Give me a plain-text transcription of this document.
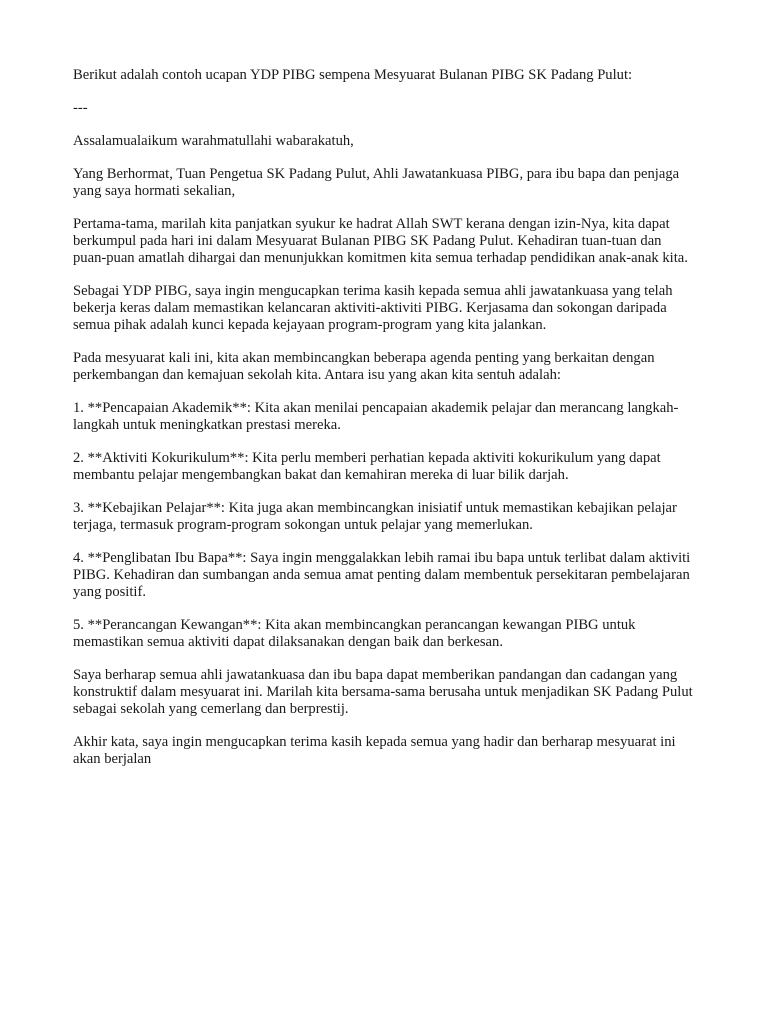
Berikut adalah contoh ucapan YDP PIBG sempena Mesyuarat Bulanan PIBG SK Padang Pulut:

---

Assalamualaikum warahmatullahi wabarakatuh,

Yang Berhormat, Tuan Pengetua SK Padang Pulut, Ahli Jawatankuasa PIBG, para ibu bapa dan penjaga yang saya hormati sekalian,

Pertama-tama, marilah kita panjatkan syukur ke hadrat Allah SWT kerana dengan izin-Nya, kita dapat berkumpul pada hari ini dalam Mesyuarat Bulanan PIBG SK Padang Pulut. Kehadiran tuan-tuan dan puan-puan amatlah dihargai dan menunjukkan komitmen kita semua terhadap pendidikan anak-anak kita.

Sebagai YDP PIBG, saya ingin mengucapkan terima kasih kepada semua ahli jawatankuasa yang telah bekerja keras dalam memastikan kelancaran aktiviti-aktiviti PIBG. Kerjasama dan sokongan daripada semua pihak adalah kunci kepada kejayaan program-program yang kita jalankan.

Pada mesyuarat kali ini, kita akan membincangkan beberapa agenda penting yang berkaitan dengan perkembangan dan kemajuan sekolah kita. Antara isu yang akan kita sentuh adalah:

1. **Pencapaian Akademik**: Kita akan menilai pencapaian akademik pelajar dan merancang langkah-langkah untuk meningkatkan prestasi mereka.

2. **Aktiviti Kokurikulum**: Kita perlu memberi perhatian kepada aktiviti kokurikulum yang dapat membantu pelajar mengembangkan bakat dan kemahiran mereka di luar bilik darjah.

3. **Kebajikan Pelajar**: Kita juga akan membincangkan inisiatif untuk memastikan kebajikan pelajar terjaga, termasuk program-program sokongan untuk pelajar yang memerlukan.

4. **Penglibatan Ibu Bapa**: Saya ingin menggalakkan lebih ramai ibu bapa untuk terlibat dalam aktiviti PIBG. Kehadiran dan sumbangan anda semua amat penting dalam membentuk persekitaran pembelajaran yang positif.

5. **Perancangan Kewangan**: Kita akan membincangkan perancangan kewangan PIBG untuk memastikan semua aktiviti dapat dilaksanakan dengan baik dan berkesan.

Saya berharap semua ahli jawatankuasa dan ibu bapa dapat memberikan pandangan dan cadangan yang konstruktif dalam mesyuarat ini. Marilah kita bersama-sama berusaha untuk menjadikan SK Padang Pulut sebagai sekolah yang cemerlang dan berprestij.

Akhir kata, saya ingin mengucapkan terima kasih kepada semua yang hadir dan berharap mesyuarat ini akan berjalan
